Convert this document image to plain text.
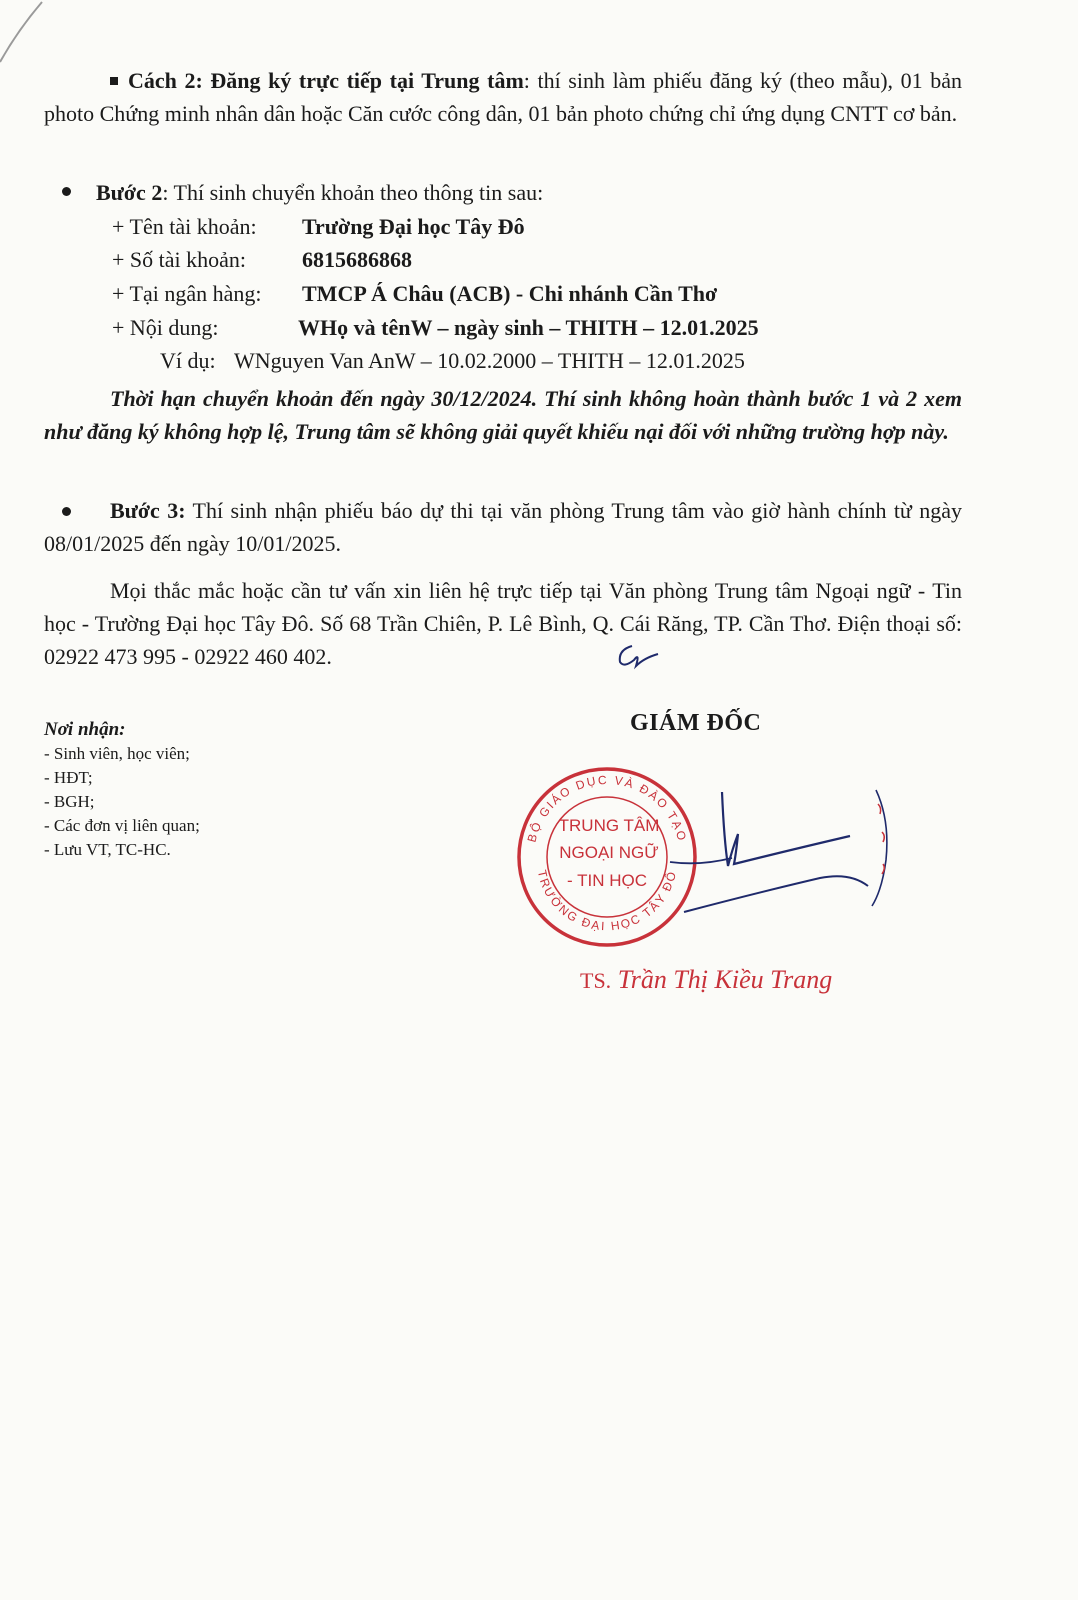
Cách 2: Đăng ký trực tiếp tại Trung tâm: thí sinh làm phiếu đăng ký (theo mẫu), 01 bản photo Chứng minh nhân dân hoặc Căn cước công dân, 01 bản photo chứng chỉ ứng dụng CNTT cơ bản.
Bước 2: Thí sinh chuyển khoản theo thông tin sau:
+ Tên tài khoản: Trường Đại học Tây Đô
+ Số tài khoản:	6815686868
+ Tại ngân hàng: TMCP Á Châu (ACB) - Chi nhánh Cần Thơ
+ Nội dung:	WHọ và tênW – ngày sinh – THITH – 12.01.2025
Ví dụ: WNguyen Van AnW – 10.02.2000 – THITH – 12.01.2025
Thời hạn chuyển khoản đến ngày 30/12/2024. Thí sinh không hoàn thành bước 1 và 2 xem như đăng ký không hợp lệ, Trung tâm sẽ không giải quyết khiếu nại đối với những trường hợp này.
Bước 3: Thí sinh nhận phiếu báo dự thi tại văn phòng Trung tâm vào giờ hành chính từ ngày 08/01/2025 đến ngày 10/01/2025.
Mọi thắc mắc hoặc cần tư vấn xin liên hệ trực tiếp tại Văn phòng Trung tâm Ngoại ngữ - Tin học - Trường Đại học Tây Đô. Số 68 Trần Chiên, P. Lê Bình, Q. Cái Răng, TP. Cần Thơ. Điện thoại số: 02922 473 995 - 02922 460 402.
Nơi nhận:
- Sinh viên, học viên;
- HĐT;
- BGH;
- Các đơn vị liên quan;
- Lưu VT, TC-HC.
GIÁM ĐỐC
BỘ GIÁO DỤC VÀ ĐÀO TẠO
TRƯỜNG ĐẠI HỌC TÂY ĐÔ
TRUNG TÂM
NGOẠI NGỮ
- TIN HỌC
TS. Trần Thị Kiều Trang
